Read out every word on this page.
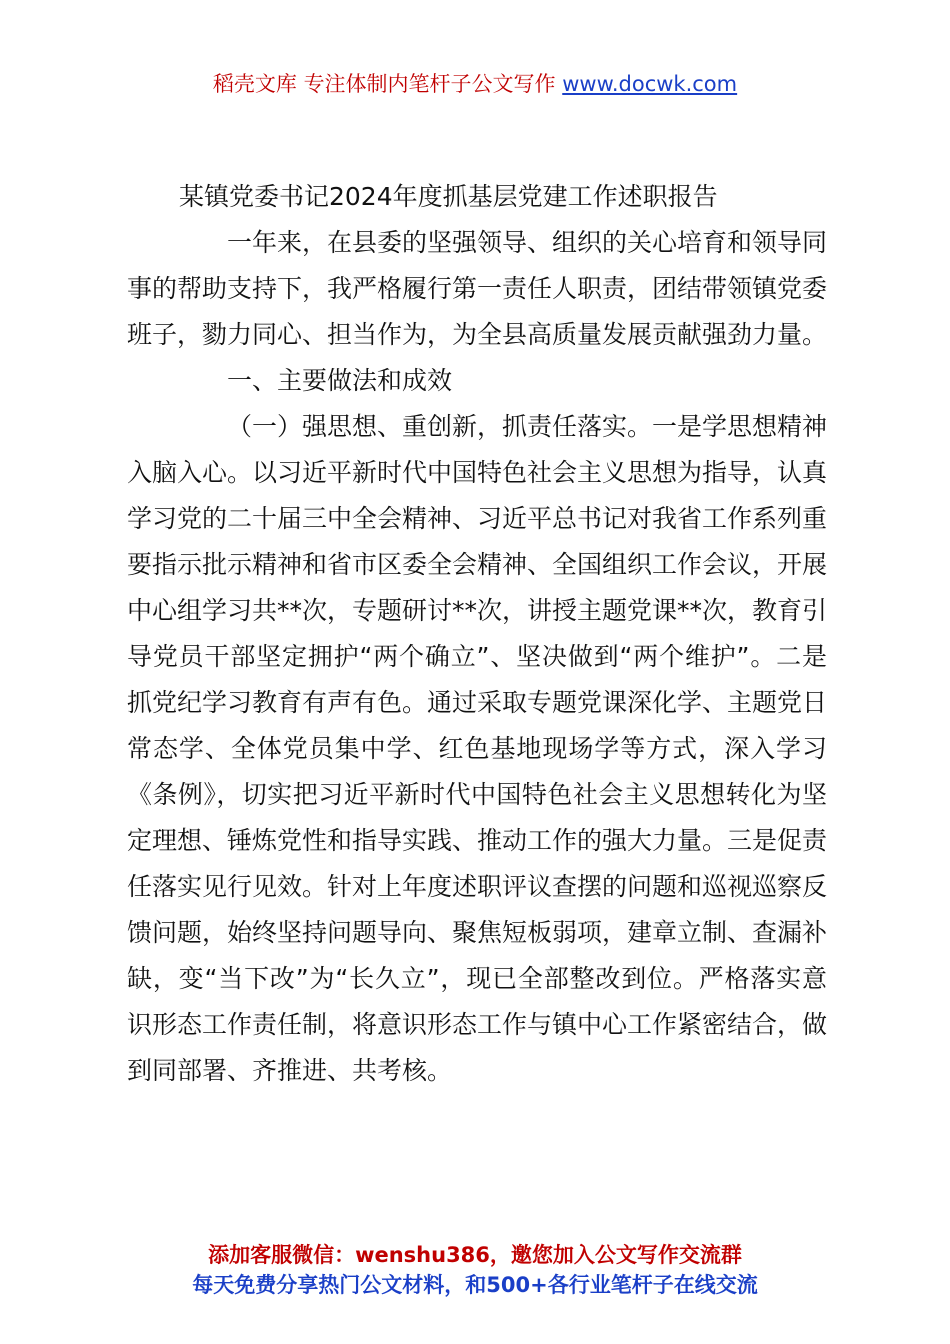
稻壳文库 专注体制内笔杆子公文写作 www.docwk.com

某镇党委书记2024年度抓基层党建工作述职报告

一年来，在县委的坚强领导、组织的关心培育和领导同事的帮助支持下，我严格履行第一责任人职责，团结带领镇党委班子，勠力同心、担当作为，为全县高质量发展贡献强劲力量。

一、主要做法和成效

（一）强思想、重创新，抓责任落实。一是学思想精神入脑入心。以习近平新时代中国特色社会主义思想为指导，认真学习党的二十届三中全会精神、习近平总书记对我省工作系列重要指示批示精神和省市区委全会精神、全国组织工作会议，开展中心组学习共**次，专题研讨**次，讲授主题党课**次，教育引导党员干部坚定拥护“两个确立”、坚决做到“两个维护”。二是抓党纪学习教育有声有色。通过采取专题党课深化学、主题党日常态学、全体党员集中学、红色基地现场学等方式，深入学习《条例》，切实把习近平新时代中国特色社会主义思想转化为坚定理想、锤炼党性和指导实践、推动工作的强大力量。三是促责任落实见行见效。针对上年度述职评议查摆的问题和巡视巡察反馈问题，始终坚持问题导向、聚焦短板弱项，建章立制、查漏补缺，变“当下改”为“长久立”，现已全部整改到位。严格落实意识形态工作责任制，将意识形态工作与镇中心工作紧密结合，做到同部署、齐推进、共考核。

添加客服微信：wenshu386，邀您加入公文写作交流群
每天免费分享热门公文材料，和500+各行业笔杆子在线交流
